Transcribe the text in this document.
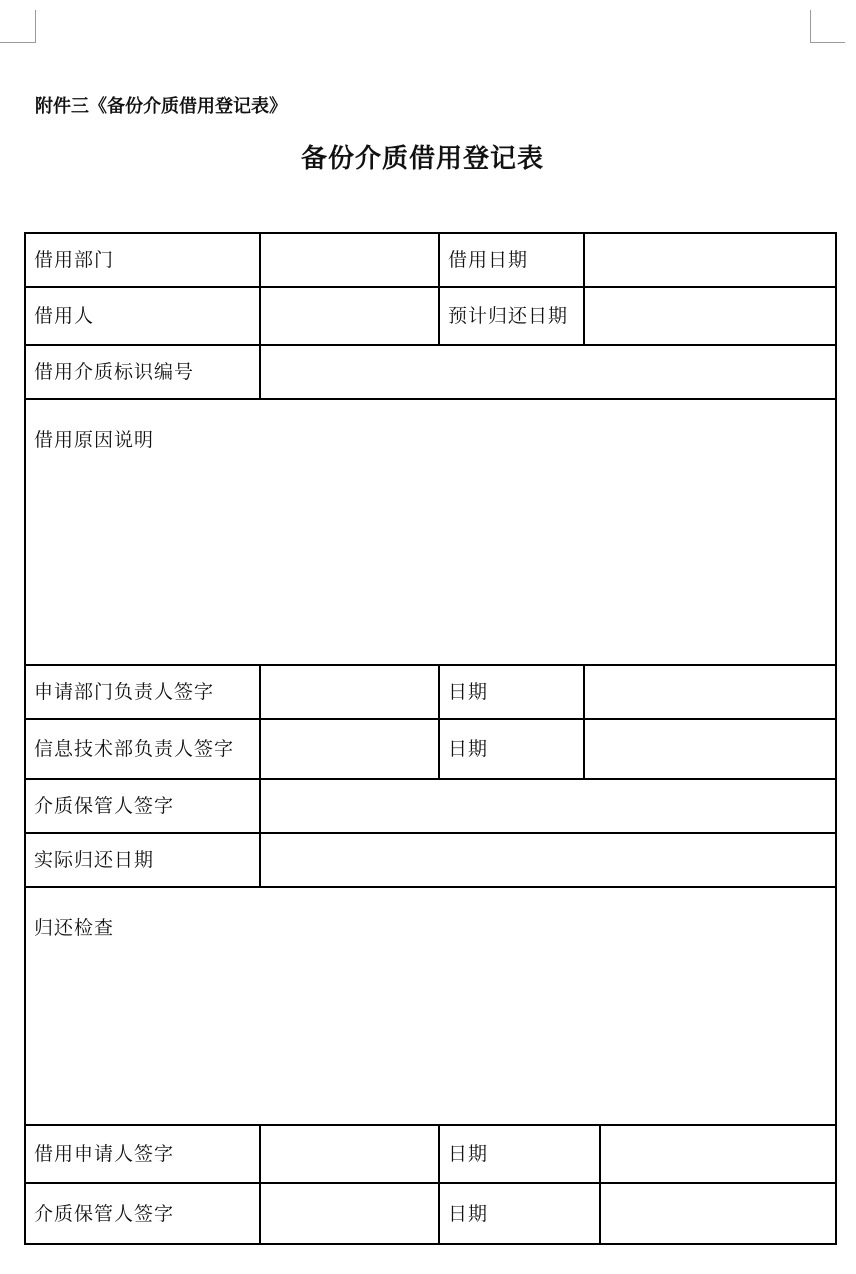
附件三《备份介质借用登记表》
备份介质借用登记表
借用部门		借用日期		
借用人		预计归还日期		
借用介质标识编号				
借用原因说明				
申请部门负责人签字		日期		
信息技术部负责人签字		日期		
介质保管人签字				
实际归还日期				
归还检查				
借用申请人签字		日期		
介质保管人签字		日期		
